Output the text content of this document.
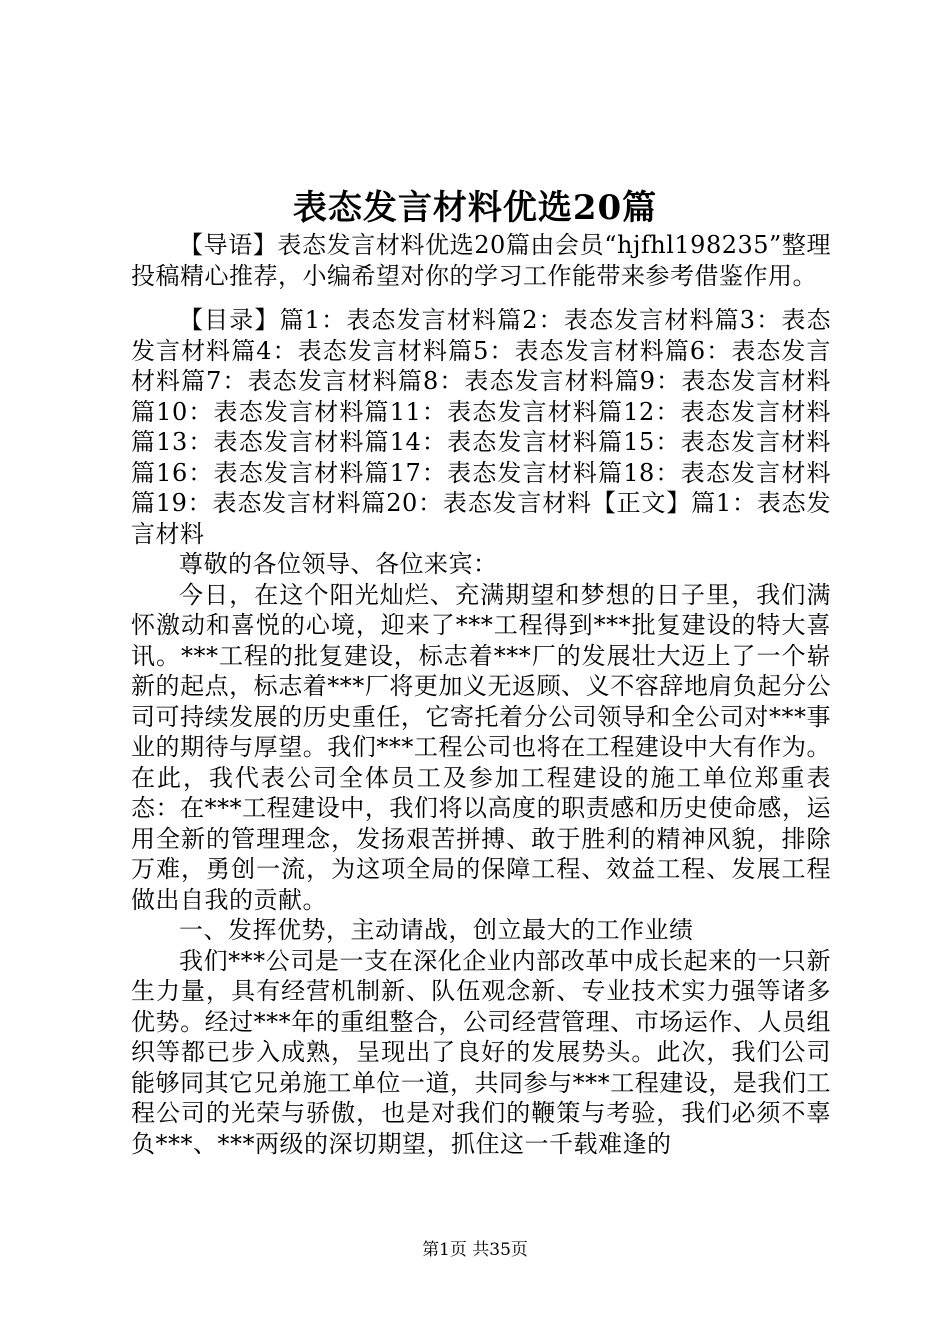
表态发言材料优选20篇

【导语】表态发言材料优选20篇由会员“hjfhl198235”整理投稿精心推荐，小编希望对你的学习工作能带来参考借鉴作用。

【目录】篇1：表态发言材料篇2：表态发言材料篇3：表态发言材料篇4：表态发言材料篇5：表态发言材料篇6：表态发言材料篇7：表态发言材料篇8：表态发言材料篇9：表态发言材料篇10：表态发言材料篇11：表态发言材料篇12：表态发言材料篇13：表态发言材料篇14：表态发言材料篇15：表态发言材料篇16：表态发言材料篇17：表态发言材料篇18：表态发言材料篇19：表态发言材料篇20：表态发言材料【正文】篇1：表态发言材料

尊敬的各位领导、各位来宾：

今日，在这个阳光灿烂、充满期望和梦想的日子里，我们满怀激动和喜悦的心境，迎来了***工程得到***批复建设的特大喜讯。***工程的批复建设，标志着***厂的发展壮大迈上了一个崭新的起点，标志着***厂将更加义无返顾、义不容辞地肩负起分公司可持续发展的历史重任，它寄托着分公司领导和全公司对***事业的期待与厚望。我们***工程公司也将在工程建设中大有作为。在此，我代表公司全体员工及参加工程建设的施工单位郑重表态：在***工程建设中，我们将以高度的职责感和历史使命感，运用全新的管理理念，发扬艰苦拼搏、敢于胜利的精神风貌，排除万难，勇创一流，为这项全局的保障工程、效益工程、发展工程做出自我的贡献。

一、发挥优势，主动请战，创立最大的工作业绩

我们***公司是一支在深化企业内部改革中成长起来的一只新生力量，具有经营机制新、队伍观念新、专业技术实力强等诸多优势。经过***年的重组整合，公司经营管理、市场运作、人员组织等都已步入成熟，呈现出了良好的发展势头。此次，我们公司能够同其它兄弟施工单位一道，共同参与***工程建设，是我们工程公司的光荣与骄傲，也是对我们的鞭策与考验，我们必须不辜负***、***两级的深切期望，抓住这一千载难逢的

第1页 共35页
